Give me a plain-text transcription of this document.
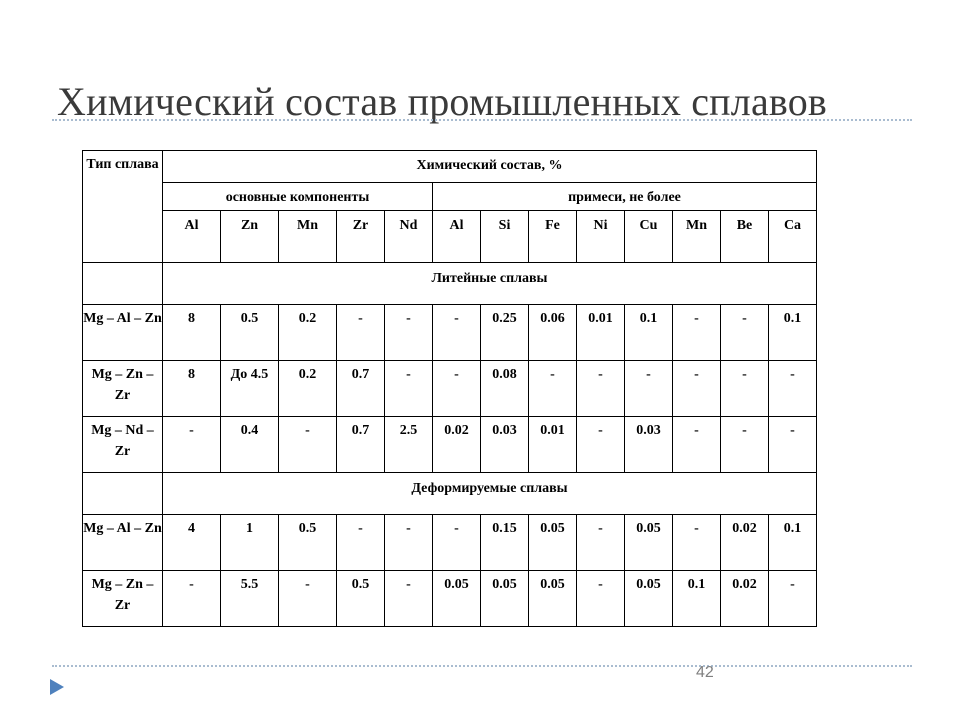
Химический состав промышленных сплавов
Тип сплава	Химический состав, %												
	основные компоненты					примеси, не более							
	Al	Zn	Mn	Zr	Nd	Al	Si	Fe	Ni	Cu	Mn	Be	Ca
	Литейные сплавы												
Mg – Al – Zn	8	0.5	0.2	-	-	-	0.25	0.06	0.01	0.1	-	-	0.1
Mg – Zn – Zr	8	До 4.5	0.2	0.7	-	-	0.08	-	-	-	-	-	-
Mg – Nd – Zr	-	0.4	-	0.7	2.5	0.02	0.03	0.01	-	0.03	-	-	-
	Деформируемые сплавы												
Mg – Al – Zn	4	1	0.5	-	-	-	0.15	0.05	-	0.05	-	0.02	0.1
Mg – Zn – Zr	-	5.5	-	0.5	-	0.05	0.05	0.05	-	0.05	0.1	0.02	-
42
